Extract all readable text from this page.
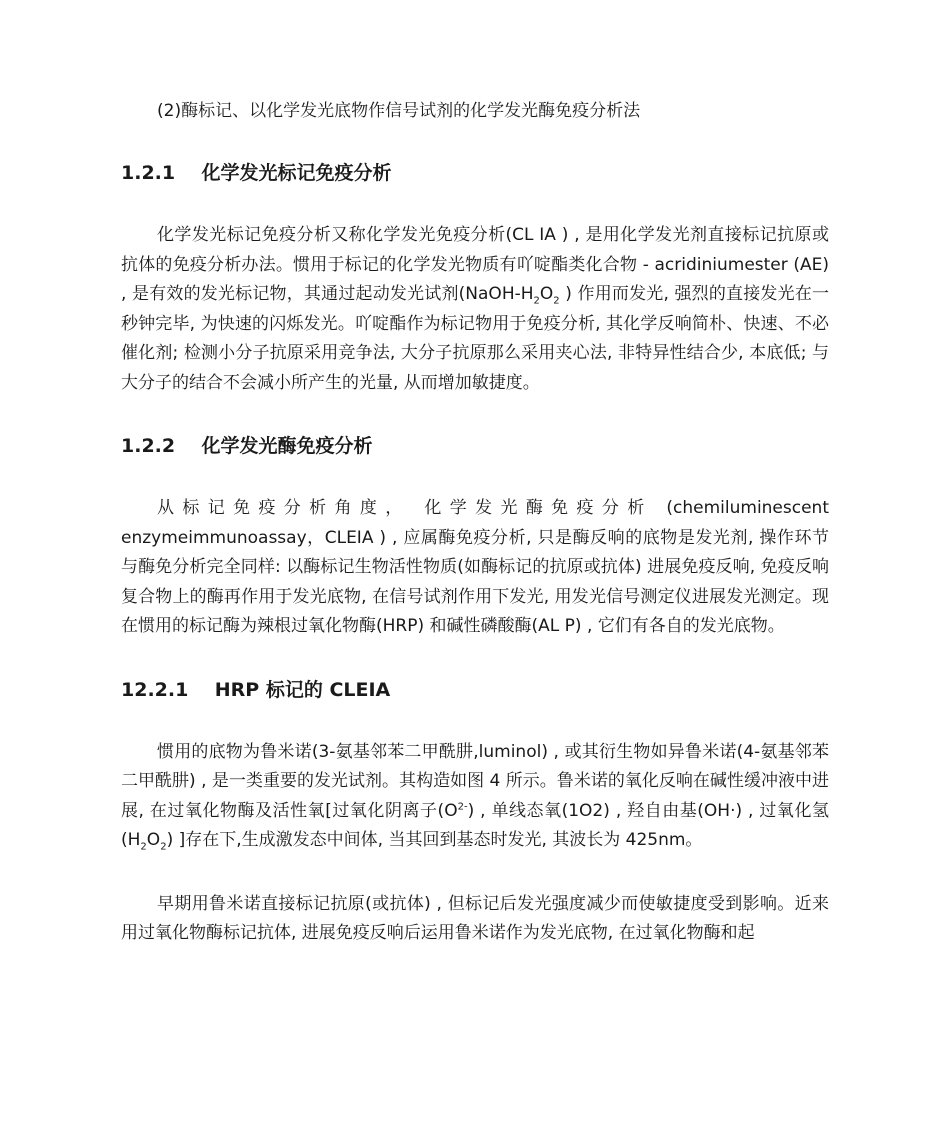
(2)酶标记、以化学发光底物作信号试剂的化学发光酶免疫分析法

1.2.1    化学发光标记免疫分析

化学发光标记免疫分析又称化学发光免疫分析(CL IA ) , 是用化学发光剂直接标记抗原或抗体的免疫分析办法。惯用于标记的化学发光物质有吖啶酯类化合物 - acridiniumester (AE) , 是有效的发光标记物，其通过起动发光试剂($NaOH-H_2O_2$ ) 作用而发光, 强烈的直接发光在一秒钟完毕, 为快速的闪烁发光。吖啶酯作为标记物用于免疫分析, 其化学反响简朴、快速、不必催化剂; 检测小分子抗原采用竞争法, 大分子抗原那么采用夹心法, 非特异性结合少, 本底低; 与大分子的结合不会减小所产生的光量, 从而增加敏捷度。

1.2.2    化学发光酶免疫分析

从标记免疫分析角度， 化学发光酶免疫分析 (chemiluminescent enzymeimmunoassay，CLEIA ) , 应属酶免疫分析, 只是酶反响的底物是发光剂, 操作环节与酶免分析完全同样: 以酶标记生物活性物质(如酶标记的抗原或抗体) 进展免疫反响, 免疫反响复合物上的酶再作用于发光底物, 在信号试剂作用下发光, 用发光信号测定仪进展发光测定。现在惯用的标记酶为辣根过氧化物酶(HRP) 和碱性磷酸酶(AL P) , 它们有各自的发光底物。

12.2.1    HRP 标记的 CLEIA

惯用的底物为鲁米诺(3-氨基邻苯二甲酰肼,luminol) , 或其衍生物如异鲁米诺(4-氨基邻苯二甲酰肼) , 是一类重要的发光试剂。其构造如图 4 所示。鲁米诺的氧化反响在碱性缓冲液中进展, 在过氧化物酶及活性氧[过氧化阴离子$(O^{2-})$ , 单线态氧(1O2) , 羟自由基(OH·) , 过氧化氢$(H_2O_2)$ ]存在下,生成激发态中间体, 当其回到基态时发光, 其波长为 425nm。

早期用鲁米诺直接标记抗原(或抗体) , 但标记后发光强度减少而使敏捷度受到影响。近来用过氧化物酶标记抗体, 进展免疫反响后运用鲁米诺作为发光底物, 在过氧化物酶和起
